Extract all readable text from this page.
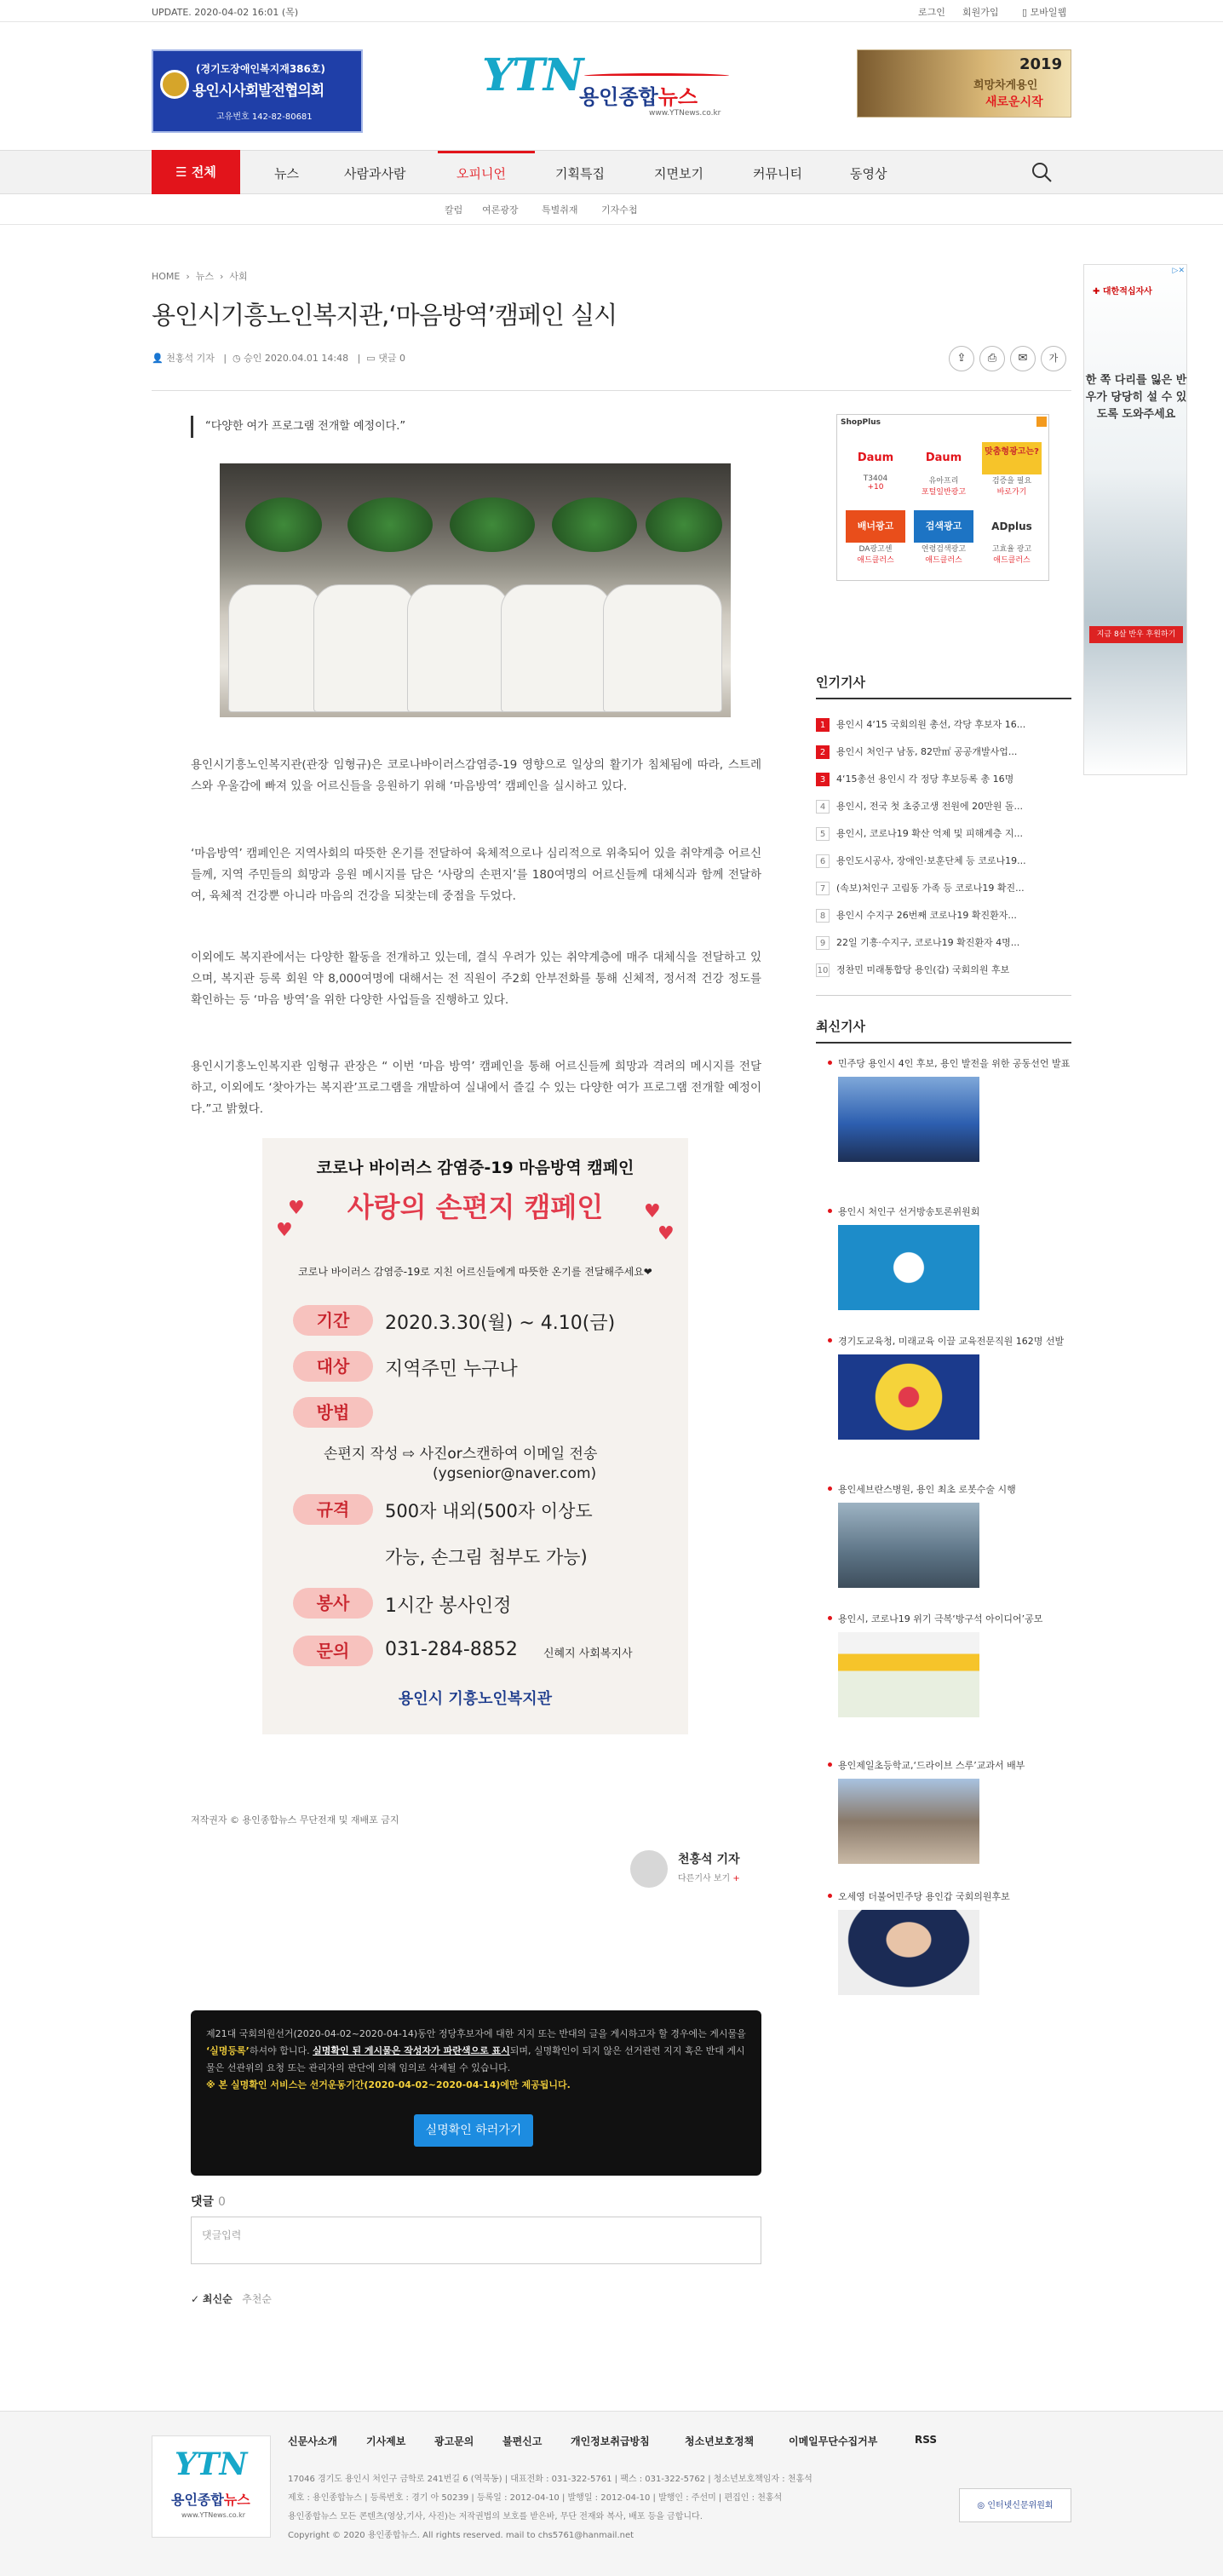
UPDATE. 2020-04-02 16:01 (목)	로그인 회원가입 ▯ 모바일웹
(경기도장애인복지재386호)
용인시사회발전협의회
고유번호 142-82-80681
YTN
용인종합뉴스
www.YTNews.co.kr
2019
희망차게용인
새로운시작
뉴스	사람과사람	오피니언	기획특집	지면보기	커뮤니티	동영상
☰ 전체
칼럼 여론광장 특별취재 기자수첩
HOME  ›  뉴스  ›  사회
용인시기흥노인복지관,‘마음방역’캠페인 실시
👤 천홍석 기자   |  ◷ 승인 2020.04.01 14:48   |  ▭ 댓글 0	⇪	⎙	✉	가
“다양한 여가 프로그램 전개할 예정이다.”

용인시기흥노인복지관(관장 임형규)은 코로나바이러스감염증-19 영향으로 일상의 활기가 침체됨에 따라, 스트레스와 우울감에 빠져 있을 어르신들을 응원하기 위해 ‘마음방역’ 캠페인을 실시하고 있다.

‘마음방역’ 캠페인은 지역사회의 따뜻한 온기를 전달하여 육체적으로나 심리적으로 위축되어 있을 취약계층 어르신들께, 지역 주민들의 희망과 응원 메시지를 담은 ‘사랑의 손편지’를 180여명의 어르신들께 대체식과 함께 전달하여, 육체적 건강뿐 아니라 마음의 건강을 되찾는데 중점을 두었다.

이외에도 복지관에서는 다양한 활동을 전개하고 있는데, 결식 우려가 있는 취약계층에 매주 대체식을 전달하고 있으며, 복지관 등록 회원 약 8,000여명에 대해서는 전 직원이 주2회 안부전화를 통해 신체적, 정서적 건강 정도를 확인하는 등 ‘마음 방역’을 위한 다양한 사업들을 진행하고 있다.

용인시기흥노인복지관 임형규 관장은 “ 이번 ‘마음 방역’ 캠페인을 통해 어르신들께 희망과 격려의 메시지를 전달하고, 이외에도 ‘찾아가는 복지관’프로그램을 개발하여 실내에서 즐길 수 있는 다양한 여가 프로그램 전개할 예정이다.”고 밝혔다.

코로나 바이러스 감염증-19 마음방역 캠페인
사랑의 손편지 캠페인
♥
♥
♥
♥
코로나 바이러스 감염증-19로 지친 어르신들에게 따뜻한 온기를 전달해주세요❤
기간	2020.3.30(월) ~ 4.10(금)
대상	지역주민 누구나
방법
손편지 작성 ⇨ 사진or스캔하여 이메일 전송
(ygsenior@naver.com)
규격	500자 내외(500자 이상도
가능, 손그림 첨부도 가능)
봉사	1시간 봉사인정
문의	031-284-8852 신혜지 사회복지사
용인시 기흥노인복지관
저작권자 © 용인종합뉴스 무단전재 및 재배포 금지
천홍석 기자
다른기사 보기 +
제21대 국회의원선거(2020-04-02~2020-04-14)동안 정당후보자에 대한 지지 또는 반대의 글을 게시하고자 할 경우에는 게시물을 ‘실명등록’하셔야 합니다. 실명확인 된 게시물은 작성자가 파란색으로 표시되며, 실명확인이 되지 않은 선거관련 지지 혹은 반대 게시물은 선관위의 요청 또는 관리자의 판단에 의해 임의로 삭제될 수 있습니다.
※ 본 실명확인 서비스는 선거운동기간(2020-04-02~2020-04-14)에만 제공됩니다.
실명확인 하러가기
댓글 0
댓글입력
✓ 최신순 추천순
ShopPlus
Daum
T3404
+10
Daum
유아프리
포털일반광고
맞춤형광고는?
검증을 필요
바로가기
배너광고
DA광고센
애드클러스
검색광고
연령검색광고
애드클러스
ADplus
고효율 광고
애드클러스
▷✕
✚ 대한적십자사
한 쪽 다리를 잃은 반우가 당당히 설 수 있도록 도와주세요
지금 8살 반우 후원하기
인기기사
1 용인시 4‘15 국회의원 총선, 각당 후보자 16...
2 용인시 처인구 남동, 82만㎡ 공공개발사업...
3 4‘15총선 용인시 각 정당 후보등록 총 16명
4 용인시, 전국 첫 초중고생 전원에 20만원 돌...
5 용인시, 코로나19 확산 억제 및 피해계층 지...
6 용인도시공사, 장애인·보훈단체 등 코로나19...
7 (속보)처인구 고림동 가족 등 코로나19 확진...
8 용인시 수지구 26번째 코로나19 확진환자...
9 22일 기흥·수지구, 코로나19 확진환자 4명...
10 정찬민 미래통합당 용인(갑) 국회의원 후보
최신기사
민주당 용인시 4인 후보, 용인 발전을 위한 공동선언 발표
용인시 처인구 선거방송토론위원회
경기도교육청, 미래교육 이끌 교육전문직원 162명 선발
용인세브란스병원, 용인 최초 로봇수술 시행
용인시, 코로나19 위기 극복‘방구석 아이디어’공모
용인제일초등학교,‘드라이브 스루’교과서 배부
오세영 더불어민주당 용인갑 국회의원후보
YTN
용인종합뉴스
www.YTNews.co.kr
신문사소개	기사제보	광고문의	불편신고	개인정보취급방침	청소년보호정책	이메일무단수집거부	RSS
17046 경기도 용인시 처인구 금학로 241번길 6 (역북동) | 대표전화 : 031-322-5761 | 팩스 : 031-322-5762 | 청소년보호책임자 : 천홍석
제호 : 용인종합뉴스 | 등록번호 : 경기 아 50239 | 등록일 : 2012-04-10 | 발행일 : 2012-04-10 | 발행인 : 주선미 | 편집인 : 천홍석
용인종합뉴스 모든 콘텐츠(영상,기사, 사진)는 저작권법의 보호를 받은바, 무단 전재와 복사, 배포 등을 금합니다.
Copyright © 2020 용인종합뉴스. All rights reserved. mail to chs5761@hanmail.net
◎ 인터넷신문위원회
